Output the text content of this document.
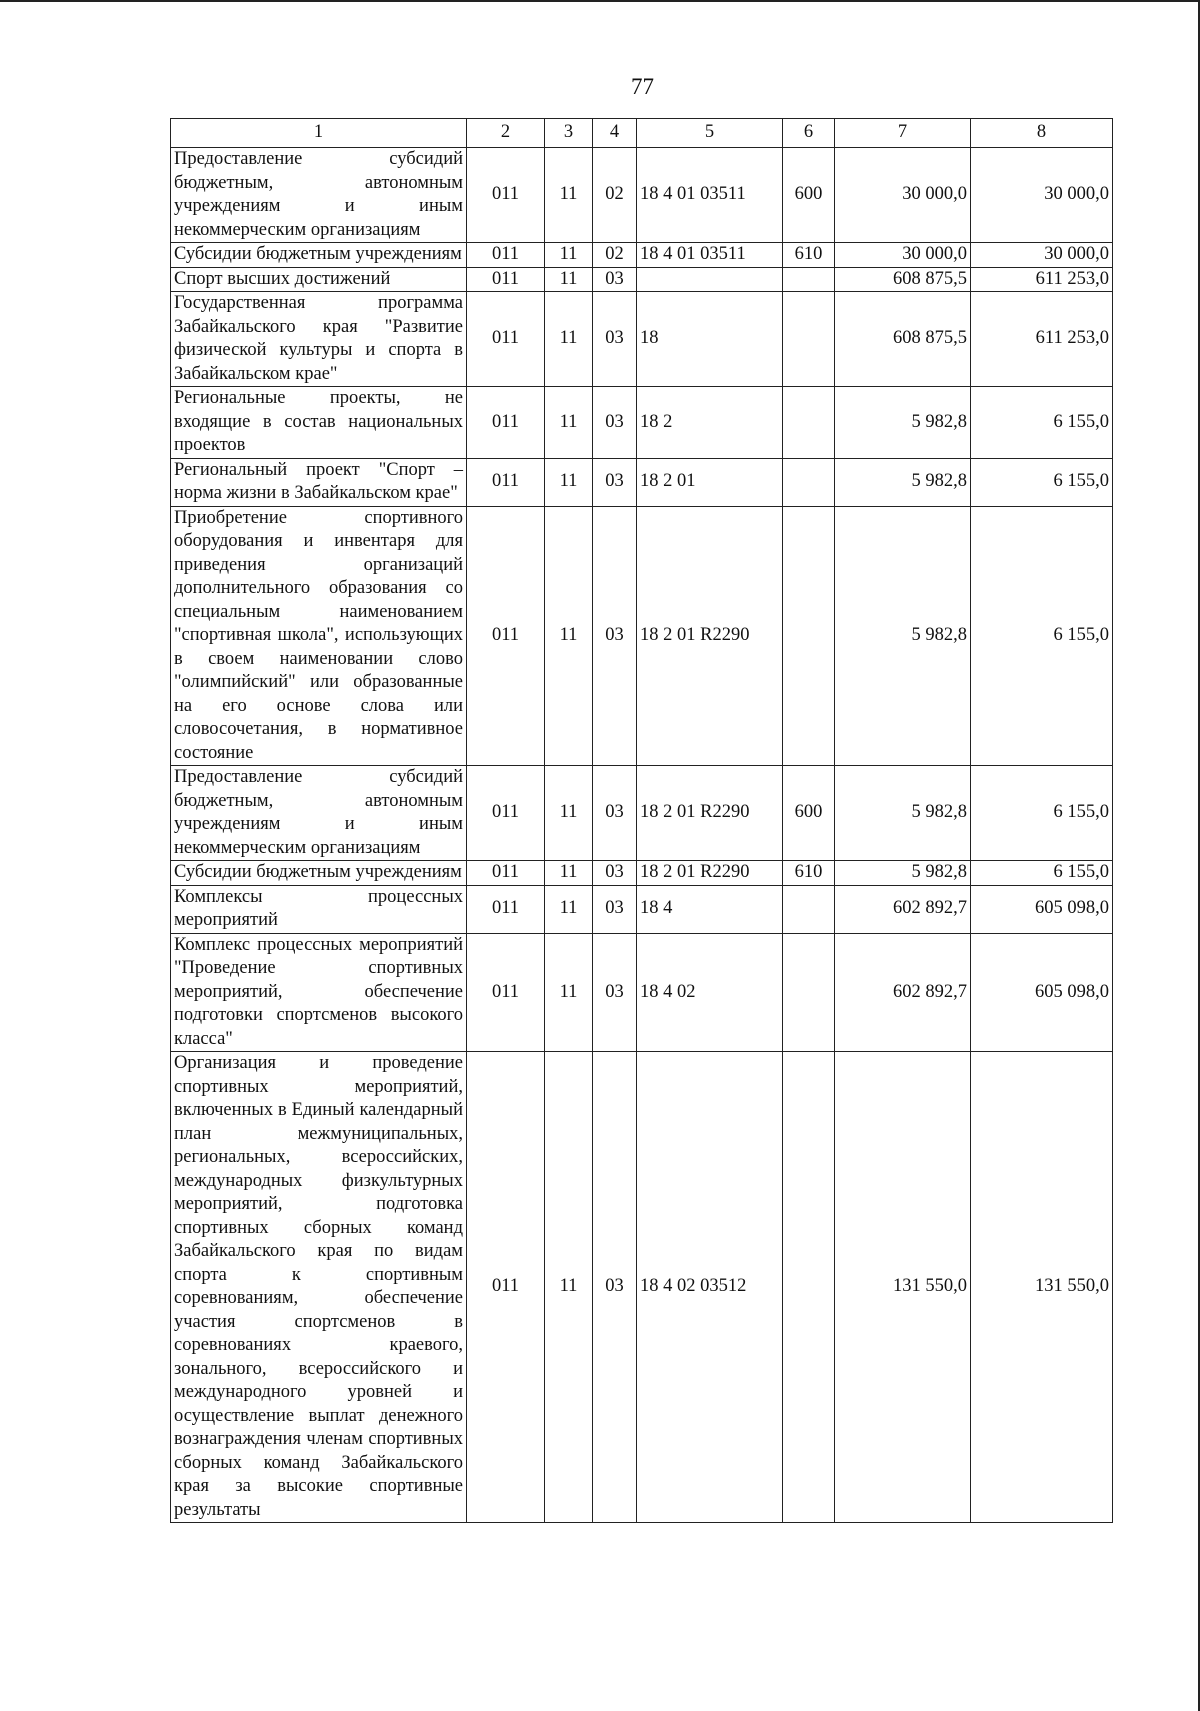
77
1	2	3	4	5	6	7	8
Предоставление субсидий бюджетным, автономным учреждениям и иным некоммерческим организациям	011	11	02	18 4 01 03511	600	30 000,0	30 000,0
Субсидии бюджетным учреждениям	011	11	02	18 4 01 03511	610	30 000,0	30 000,0
Спорт высших достижений	011	11	03			608 875,5	611 253,0
Государственная программа Забайкальского края "Развитие физической культуры и спорта в Забайкальском крае"	011	11	03	18		608 875,5	611 253,0
Региональные проекты, не входящие в состав национальных проектов	011	11	03	18 2		5 982,8	6 155,0
Региональный проект "Спорт – норма жизни в Забайкальском крае"	011	11	03	18 2 01		5 982,8	6 155,0
Приобретение спортивного оборудования и инвентаря для приведения организаций дополнительного образования со специальным наименованием "спортивная школа", использующих в своем наименовании слово "олимпийский" или образованные на его основе слова или словосочетания, в нормативное состояние	011	11	03	18 2 01 R2290		5 982,8	6 155,0
Предоставление субсидий бюджетным, автономным учреждениям и иным некоммерческим организациям	011	11	03	18 2 01 R2290	600	5 982,8	6 155,0
Субсидии бюджетным учреждениям	011	11	03	18 2 01 R2290	610	5 982,8	6 155,0
Комплексы процессных мероприятий	011	11	03	18 4		602 892,7	605 098,0
Комплекс процессных мероприятий "Проведение спортивных мероприятий, обеспечение подготовки спортсменов высокого класса"	011	11	03	18 4 02		602 892,7	605 098,0
Организация и проведение спортивных мероприятий, включенных в Единый календарный план межмуниципальных, региональных, всероссийских, международных физкультурных мероприятий, подготовка спортивных сборных команд Забайкальского края по видам спорта к спортивным соревнованиям, обеспечение участия спортсменов в соревнованиях краевого, зонального, всероссийского и международного уровней и осуществление выплат денежного вознаграждения членам спортивных сборных команд Забайкальского края за высокие спортивные результаты	011	11	03	18 4 02 03512		131 550,0	131 550,0
